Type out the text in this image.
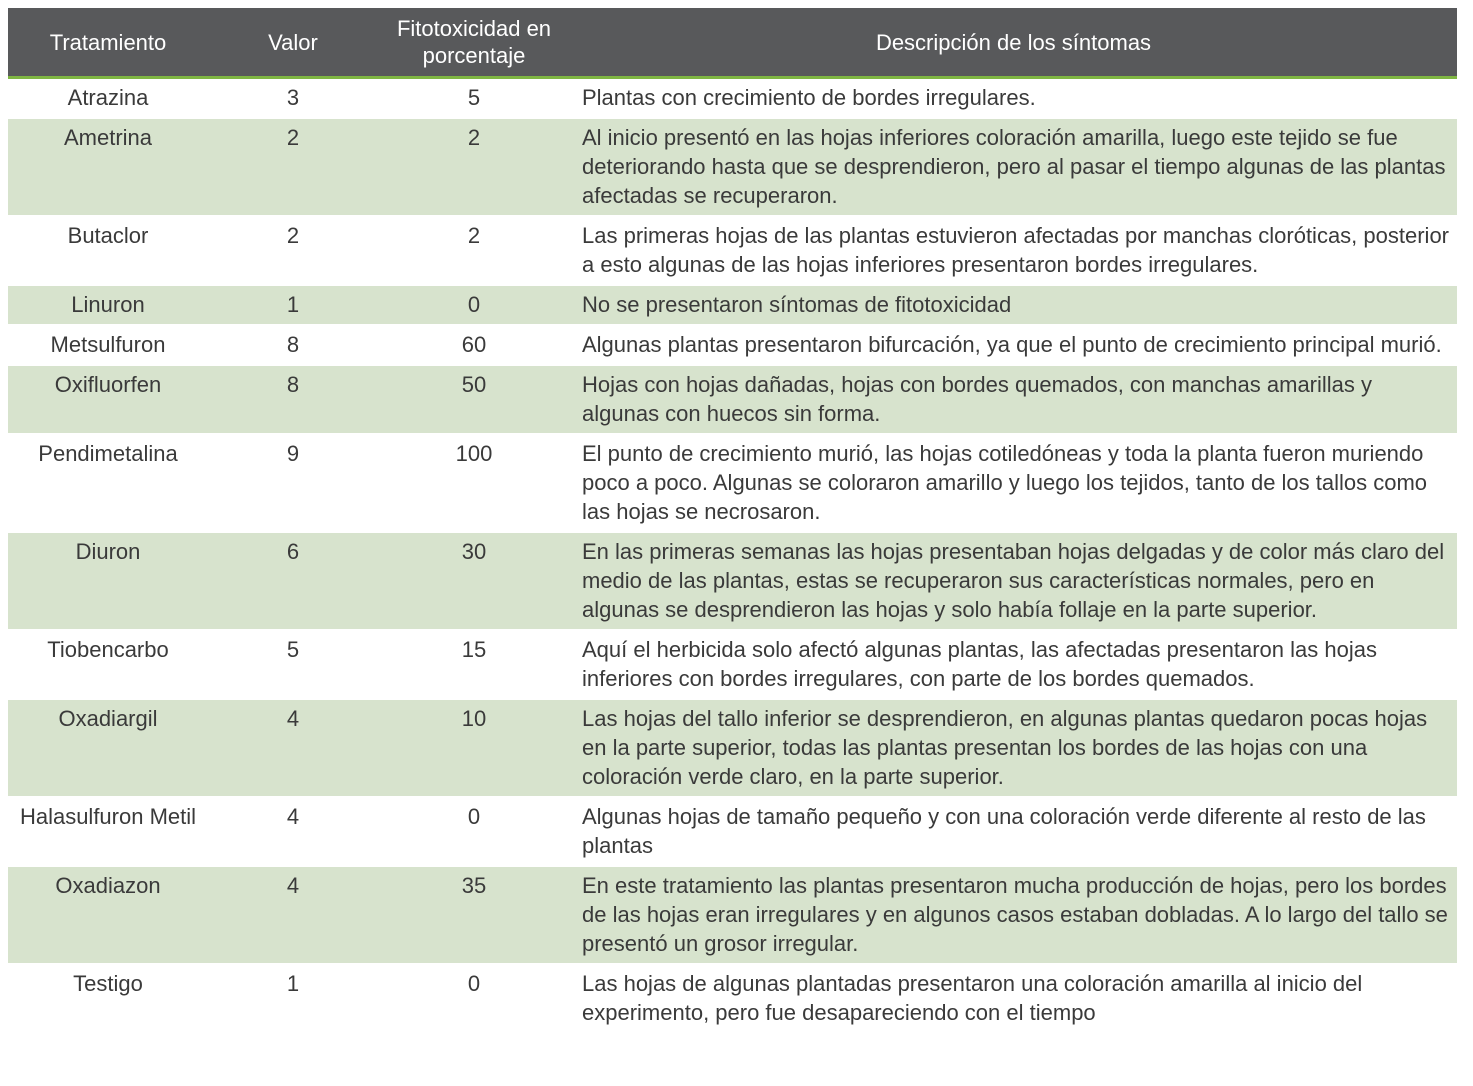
Tratamiento	Valor	Fitotoxicidad en porcentaje	Descripción de los síntomas
Atrazina	3	5	Plantas con crecimiento de bordes irregulares.
Ametrina	2	2	Al inicio presentó en las hojas inferiores coloración amarilla, luego este tejido se fue deteriorando hasta que se desprendieron, pero al pasar el tiempo algunas de las plantas afectadas se recuperaron.
Butaclor	2	2	Las primeras hojas de las plantas estuvieron afectadas por manchas cloróticas, posterior a esto algunas de las hojas inferiores presentaron bordes irregulares.
Linuron	1	0	No se presentaron síntomas de fitotoxicidad
Metsulfuron	8	60	Algunas plantas presentaron bifurcación, ya que el punto de crecimiento principal murió.
Oxifluorfen	8	50	Hojas con hojas dañadas, hojas con bordes quemados, con manchas amarillas y algunas con huecos sin forma.
Pendimetalina	9	100	El punto de crecimiento murió, las hojas cotiledóneas y toda la planta fueron muriendo poco a poco. Algunas se coloraron amarillo y luego los tejidos, tanto de los tallos como las hojas se necrosaron.
Diuron	6	30	En las primeras semanas las hojas presentaban hojas delgadas y de color más claro del medio de las plantas, estas se recuperaron sus características normales, pero en algunas se desprendieron las hojas y solo había follaje en la parte superior.
Tiobencarbo	5	15	Aquí el herbicida solo afectó algunas plantas, las afectadas presentaron las hojas inferiores con bordes irregulares, con parte de los bordes quemados.
Oxadiargil	4	10	Las hojas del tallo inferior se desprendieron, en algunas plantas quedaron pocas hojas en la parte superior, todas las plantas presentan los bordes de las hojas con una coloración verde claro, en la parte superior.
Halasulfuron Metil	4	0	Algunas hojas de tamaño pequeño y con una coloración verde diferente al resto de las plantas
Oxadiazon	4	35	En este tratamiento las plantas presentaron mucha producción de hojas, pero los bordes de las hojas eran irregulares y en algunos casos estaban dobladas. A lo largo del tallo se presentó un grosor irregular.
Testigo	1	0	Las hojas de algunas plantadas presentaron una coloración amarilla al inicio del experimento, pero fue desapareciendo con el tiempo
